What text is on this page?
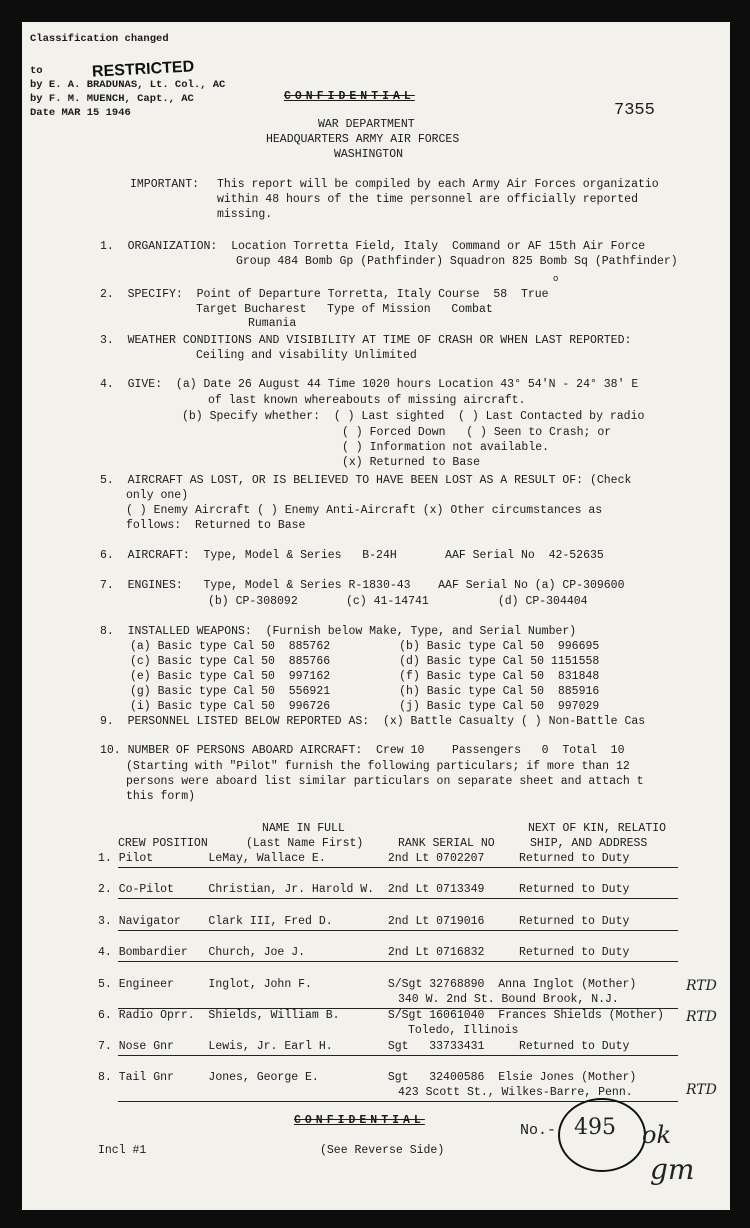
Classification changed
RESTRICTED
to
by E. A. BRADUNAS, Lt. Col., AC
by F. M. MUENCH, Capt., AC
Date MAR 15 1946
CONFIDENTIAL
7355
WAR DEPARTMENT
HEADQUARTERS ARMY AIR FORCES
WASHINGTON
IMPORTANT: This report will be compiled by each Army Air Forces organizatio
within 48 hours of the time personnel are officially reported
missing.
1.  ORGANIZATION:  Location Torretta Field, Italy  Command or AF 15th Air Force
Group 484 Bomb Gp (Pathfinder) Squadron 825 Bomb Sq (Pathfinder)
2.  SPECIFY:  Point of Departure Torretta, Italy Course  58  True
o
Target Bucharest   Type of Mission   Combat
Rumania
3.  WEATHER CONDITIONS AND VISIBILITY AT TIME OF CRASH OR WHEN LAST REPORTED:
Ceiling and visability Unlimited
4.  GIVE:  (a) Date 26 August 44 Time 1020 hours Location 43° 54'N - 24° 38' E
of last known whereabouts of missing aircraft.
(b) Specify whether:  ( ) Last sighted  ( ) Last Contacted by radio
( ) Forced Down   ( ) Seen to Crash; or
( ) Information not available.
(x) Returned to Base
5.  AIRCRAFT AS LOST, OR IS BELIEVED TO HAVE BEEN LOST AS A RESULT OF: (Check
only one)
( ) Enemy Aircraft ( ) Enemy Anti-Aircraft (x) Other circumstances as
follows:  Returned to Base
6.  AIRCRAFT:  Type, Model & Series   B-24H       AAF Serial No  42-52635
7.  ENGINES:   Type, Model & Series R-1830-43    AAF Serial No (a) CP-309600
(b) CP-308092       (c) 41-14741          (d) CP-304404
8.  INSTALLED WEAPONS:  (Furnish below Make, Type, and Serial Number)
(a) Basic type Cal 50  885762          (b) Basic type Cal 50  996695
(c) Basic type Cal 50  885766          (d) Basic type Cal 50 1151558
(e) Basic type Cal 50  997162          (f) Basic type Cal 50  831848
(g) Basic type Cal 50  556921          (h) Basic type Cal 50  885916
(i) Basic type Cal 50  996726          (j) Basic type Cal 50  997029
9.  PERSONNEL LISTED BELOW REPORTED AS:  (x) Battle Casualty ( ) Non-Battle Cas
10. NUMBER OF PERSONS ABOARD AIRCRAFT:  Crew 10    Passengers   0  Total  10
(Starting with "Pilot" furnish the following particulars; if more than 12
persons were aboard list similar particulars on separate sheet and attach t
this form)
NAME IN FULL	NEXT OF KIN, RELATIO
CREW POSITION	(Last Name First)	RANK SERIAL NO	SHIP, AND ADDRESS
1. Pilot        LeMay, Wallace E.         2nd Lt 0702207     Returned to Duty
2. Co-Pilot     Christian, Jr. Harold W.  2nd Lt 0713349     Returned to Duty
3. Navigator    Clark III, Fred D.        2nd Lt 0719016     Returned to Duty
4. Bombardier   Church, Joe J.            2nd Lt 0716832     Returned to Duty
5. Engineer     Inglot, John F.           S/Sgt 32768890  Anna Inglot (Mother)
340 W. 2nd St. Bound Brook, N.J.
6. Radio Oprr.  Shields, William B.       S/Sgt 16061040  Frances Shields (Mother)
Toledo, Illinois
7. Nose Gnr     Lewis, Jr. Earl H.        Sgt   33733431     Returned to Duty
8. Tail Gnr     Jones, George E.          Sgt   32400586  Elsie Jones (Mother)
423 Scott St., Wilkes-Barre, Penn.
RTD
RTD
RTD
CONFIDENTIAL
No.- 495 ok
gm
Incl #1	(See Reverse Side)
